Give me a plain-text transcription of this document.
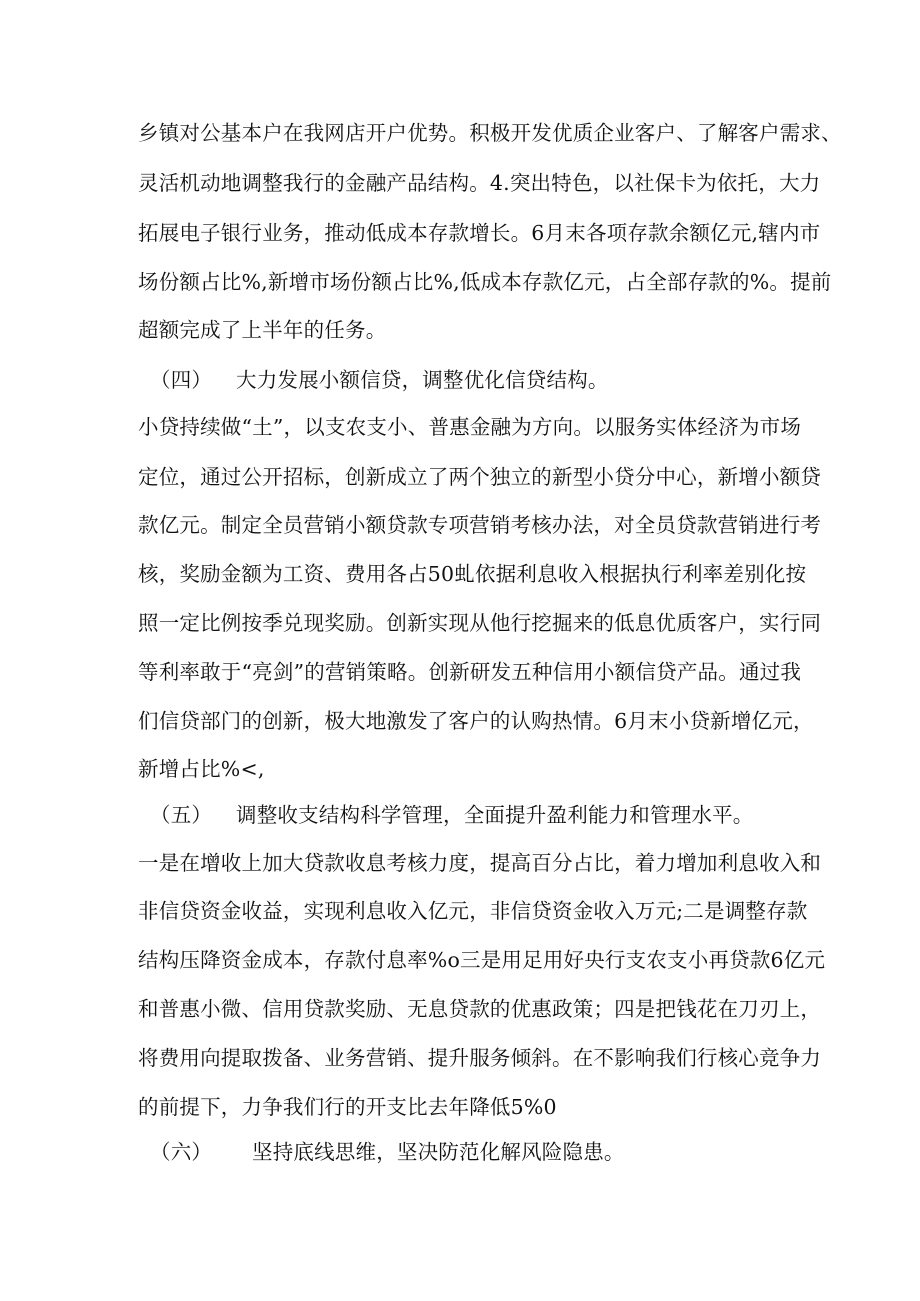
乡镇对公基本户在我网店开户优势。积极开发优质企业客户、了解客户需求、
灵活机动地调整我行的金融产品结构。4.突出特色，以社保卡为依托，大力
拓展电子银行业务，推动低成本存款增长。6月末各项存款余额亿元,辖内市
场份额占比%,新增市场份额占比%,低成本存款亿元，占全部存款的%。提前
超额完成了上半年的任务。
（四） 大力发展小额信贷，调整优化信贷结构。
小贷持续做“土”，以支农支小、普惠金融为方向。以服务实体经济为市场
定位，通过公开招标，创新成立了两个独立的新型小贷分中心，新增小额贷
款亿元。制定全员营销小额贷款专项营销考核办法，对全员贷款营销进行考
核，奖励金额为工资、费用各占50虬依据利息收入根据执行利率差别化按
照一定比例按季兑现奖励。创新实现从他行挖掘来的低息优质客户，实行同
等利率敢于“亮剑”的营销策略。创新研发五种信用小额信贷产品。通过我
们信贷部门的创新，极大地激发了客户的认购热情。6月末小贷新增亿元，
新增占比%<,
（五） 调整收支结构科学管理，全面提升盈利能力和管理水平。
一是在增收上加大贷款收息考核力度，提高百分占比，着力增加利息收入和
非信贷资金收益，实现利息收入亿元，非信贷资金收入万元;二是调整存款
结构压降资金成本，存款付息率%o三是用足用好央行支农支小再贷款6亿元
和普惠小微、信用贷款奖励、无息贷款的优惠政策；四是把钱花在刀刃上，
将费用向提取拨备、业务营销、提升服务倾斜。在不影响我们行核心竞争力
的前提下，力争我们行的开支比去年降低5%0
（六） 坚持底线思维，坚决防范化解风险隐患。
